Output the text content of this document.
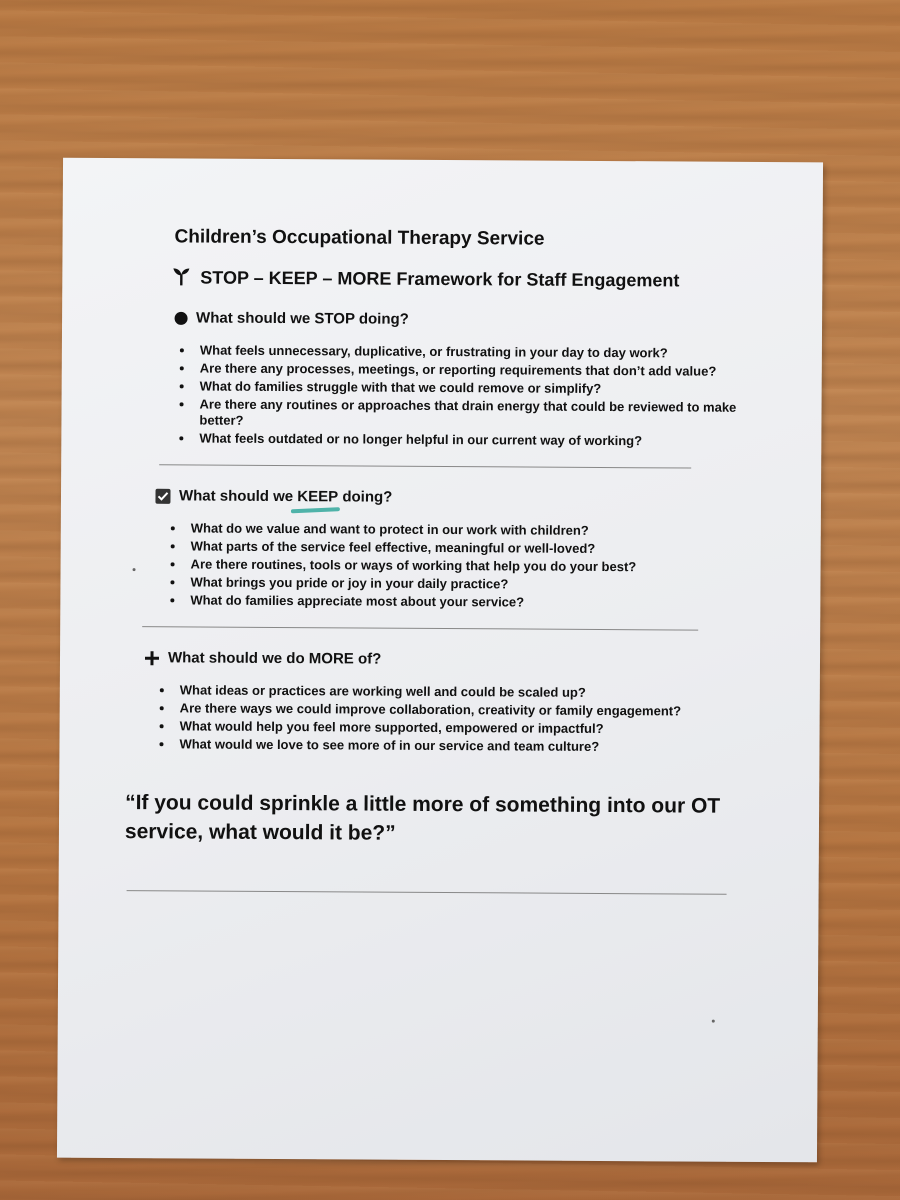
Children’s Occupational Therapy Service
STOP – KEEP – MORE Framework for Staff Engagement
What should we STOP doing?
What feels unnecessary, duplicative, or frustrating in your day to day work?
Are there any processes, meetings, or reporting requirements that don’t add value?
What do families struggle with that we could remove or simplify?
Are there any routines or approaches that drain energy that could be reviewed to make better?
What feels outdated or no longer helpful in our current way of working?
What should we KEEP doing?
What do we value and want to protect in our work with children?
What parts of the service feel effective, meaningful or well-loved?
Are there routines, tools or ways of working that help you do your best?
What brings you pride or joy in your daily practice?
What do families appreciate most about your service?
What should we do MORE of?
What ideas or practices are working well and could be scaled up?
Are there ways we could improve collaboration, creativity or family engagement?
What would help you feel more supported, empowered or impactful?
What would we love to see more of in our service and team culture?
“If you could sprinkle a little more of something into our OT service, what would it be?”
